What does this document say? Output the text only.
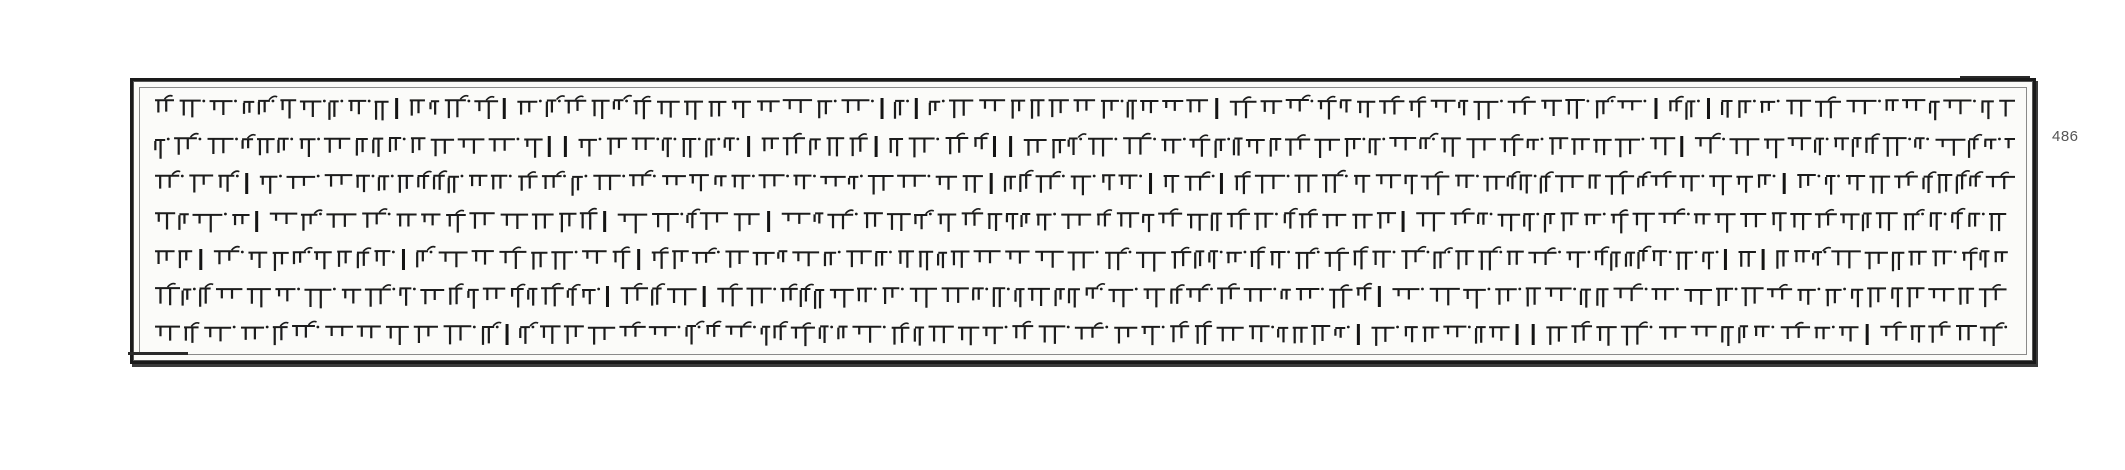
486
